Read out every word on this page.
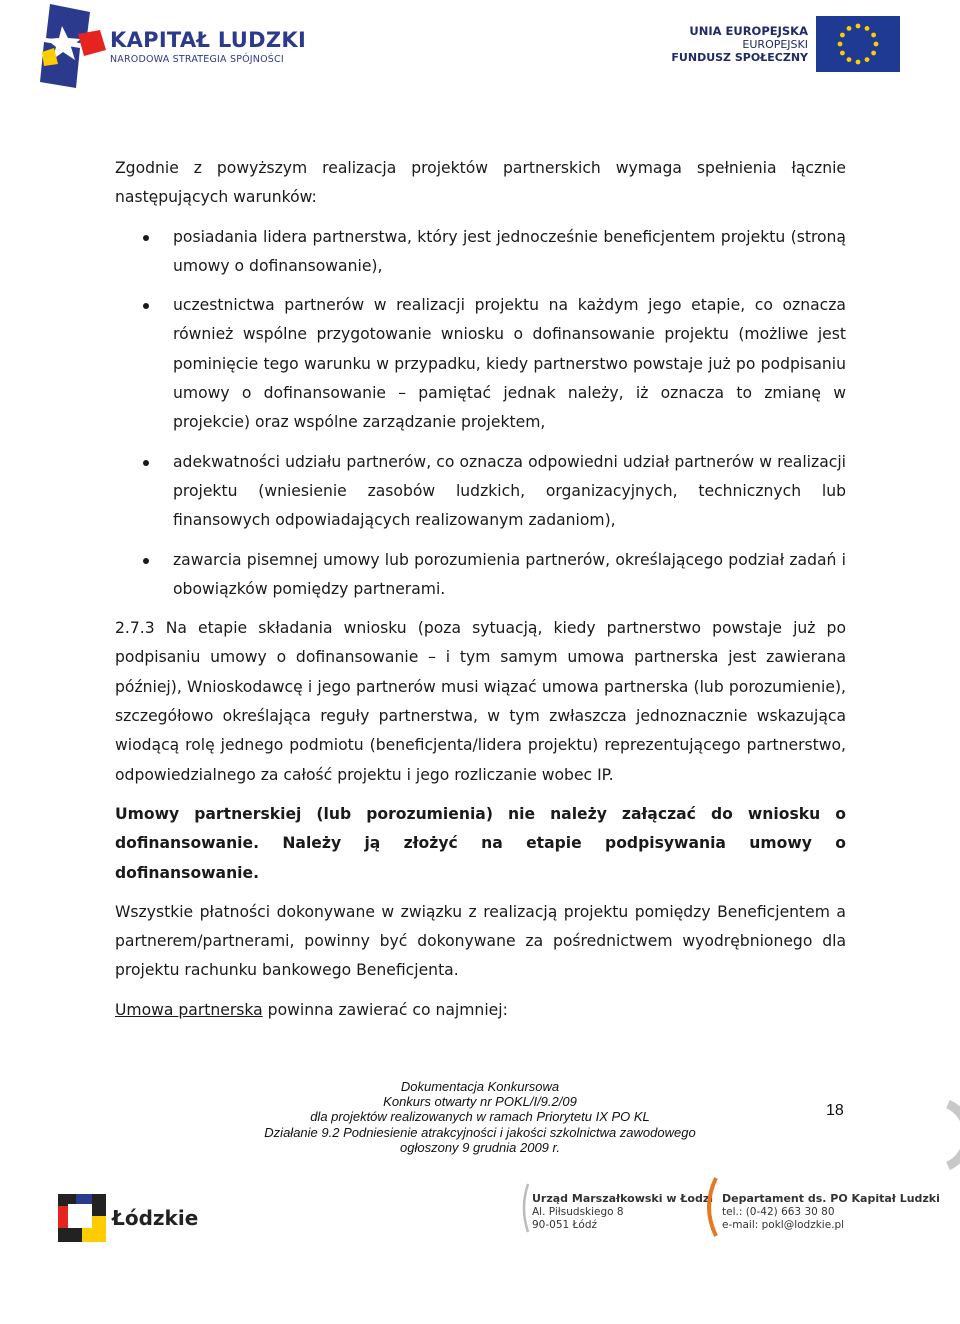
KAPITAŁ LUDZKI
NARODOWA STRATEGIA SPÓJNOŚCI
UNIA EUROPEJSKA
EUROPEJSKI
FUNDUSZ SPOŁECZNY

Zgodnie z powyższym realizacja projektów partnerskich wymaga spełnienia łącznie następujących warunków:

posiadania lidera partnerstwa, który jest jednocześnie beneficjentem projektu (stroną umowy o dofinansowanie),
uczestnictwa partnerów w realizacji projektu na każdym jego etapie, co oznacza również wspólne przygotowanie wniosku o dofinansowanie projektu (możliwe jest pominięcie tego warunku w przypadku, kiedy partnerstwo powstaje już po podpisaniu umowy o dofinansowanie – pamiętać jednak należy, iż oznacza to zmianę w projekcie) oraz wspólne zarządzanie projektem,
adekwatności udziału partnerów, co oznacza odpowiedni udział partnerów w realizacji projektu (wniesienie zasobów ludzkich, organizacyjnych, technicznych lub finansowych odpowiadających realizowanym zadaniom),
zawarcia pisemnej umowy lub porozumienia partnerów, określającego podział zadań i obowiązków pomiędzy partnerami.

2.7.3 Na etapie składania wniosku (poza sytuacją, kiedy partnerstwo powstaje już po podpisaniu umowy o dofinansowanie – i tym samym umowa partnerska jest zawierana później), Wnioskodawcę i jego partnerów musi wiązać umowa partnerska (lub porozumienie), szczegółowo określająca reguły partnerstwa, w tym zwłaszcza jednoznacznie wskazująca wiodącą rolę jednego podmiotu (beneficjenta/lidera projektu) reprezentującego partnerstwo, odpowiedzialnego za całość projektu i jego rozliczanie wobec IP.

Umowy partnerskiej (lub porozumienia) nie należy załączać do wniosku o dofinansowanie. Należy ją złożyć na etapie podpisywania umowy o dofinansowanie.

Wszystkie płatności dokonywane w związku z realizacją projektu pomiędzy Beneficjentem a partnerem/partnerami, powinny być dokonywane za pośrednictwem wyodrębnionego dla projektu rachunku bankowego Beneficjenta.

Umowa partnerska powinna zawierać co najmniej:

Dokumentacja Konkursowa
Konkurs otwarty nr POKL/I/9.2/09
dla projektów realizowanych w ramach Priorytetu IX PO KL
Działanie 9.2 Podniesienie atrakcyjności i jakości szkolnictwa zawodowego
ogłoszony 9 grudnia 2009 r.
18
Łódzkie
Urząd Marszałkowski w Łodzi
Al. Piłsudskiego 8
90-051 Łódź
Departament ds. PO Kapitał Ludzki
tel.: (0-42) 663 30 80
e-mail: pokl@lodzkie.pl
